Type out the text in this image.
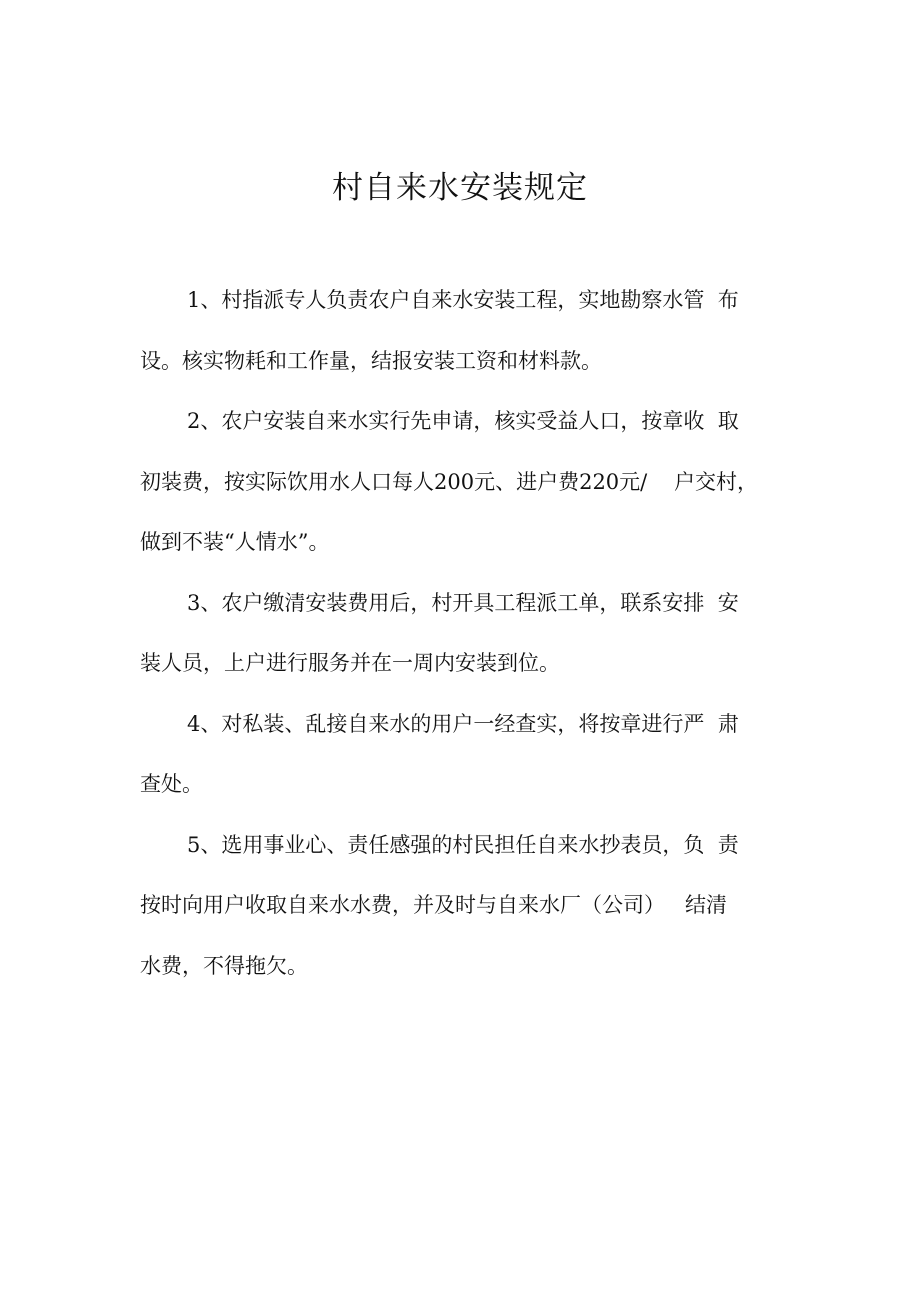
村自来水安装规定

1、村指派专人负责农户自来水安装工程，实地勘察水管  布
设。核实物耗和工作量，结报安装工资和材料款。

2、农户安装自来水实行先申请，核实受益人口，按章收  取
初装费，按实际饮用水人口每人200元、进户费220元/    户交村，
做到不装“人情水”。

3、农户缴清安装费用后，村开具工程派工单，联系安排  安
装人员，上户进行服务并在一周内安装到位。

4、对私装、乱接自来水的用户一经查实，将按章进行严  肃
查处。

5、选用事业心、责任感强的村民担任自来水抄表员，负  责
按时向用户收取自来水水费，并及时与自来水厂（公司）   结清
水费，不得拖欠。
